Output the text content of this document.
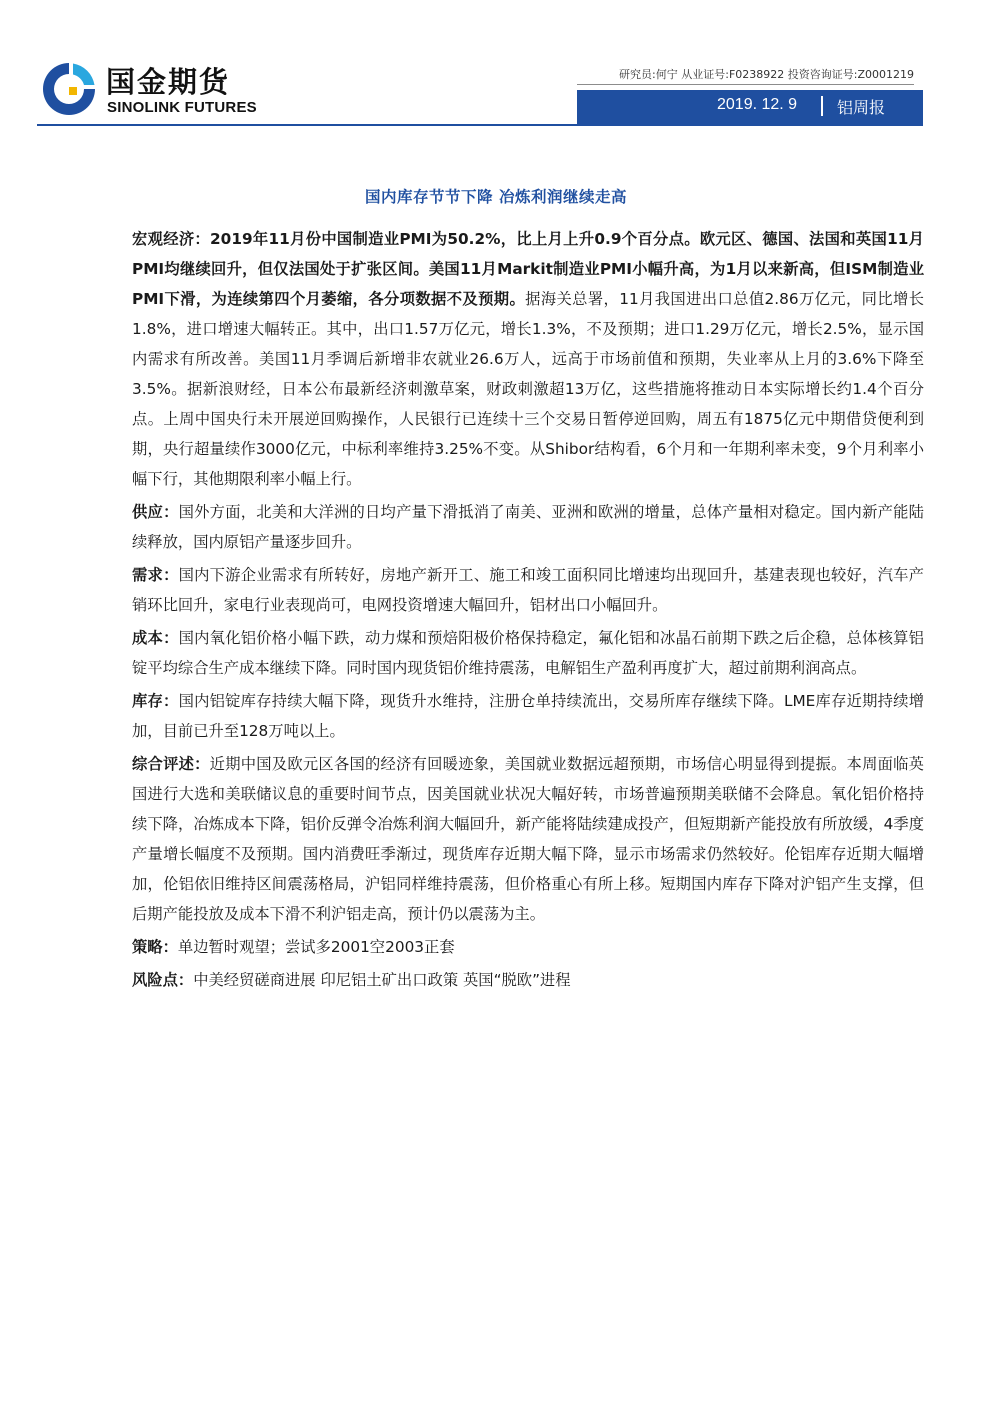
国金期货
SINOLINK FUTURES
研究员:何宁 从业证号:F0238922 投资咨询证号:Z0001219
2019. 12. 9 铝周报
国内库存节节下降 冶炼利润继续走高

宏观经济：2019年11月份中国制造业PMI为50.2%，比上月上升0.9个百分点。欧元区、德国、法国和英国11月PMI均继续回升，但仅法国处于扩张区间。美国11月Markit制造业PMI小幅升高，为1月以来新高，但ISM制造业PMI下滑，为连续第四个月萎缩，各分项数据不及预期。据海关总署，11月我国进出口总值2.86万亿元，同比增长1.8%，进口增速大幅转正。其中，出口1.57万亿元，增长1.3%，不及预期；进口1.29万亿元，增长2.5%，显示国内需求有所改善。美国11月季调后新增非农就业26.6万人，远高于市场前值和预期，失业率从上月的3.6%下降至3.5%。据新浪财经，日本公布最新经济刺激草案，财政刺激超13万亿，这些措施将推动日本实际增长约1.4个百分点。上周中国央行未开展逆回购操作，人民银行已连续十三个交易日暂停逆回购，周五有1875亿元中期借贷便利到期，央行超量续作3000亿元，中标利率维持3.25%不变。从Shibor结构看，6个月和一年期利率未变，9个月利率小幅下行，其他期限利率小幅上行。

供应：国外方面，北美和大洋洲的日均产量下滑抵消了南美、亚洲和欧洲的增量，总体产量相对稳定。国内新产能陆续释放，国内原铝产量逐步回升。

需求：国内下游企业需求有所转好，房地产新开工、施工和竣工面积同比增速均出现回升，基建表现也较好，汽车产销环比回升，家电行业表现尚可，电网投资增速大幅回升，铝材出口小幅回升。

成本：国内氧化铝价格小幅下跌，动力煤和预焙阳极价格保持稳定，氟化铝和冰晶石前期下跌之后企稳，总体核算铝锭平均综合生产成本继续下降。同时国内现货铝价维持震荡，电解铝生产盈利再度扩大，超过前期利润高点。

库存：国内铝锭库存持续大幅下降，现货升水维持，注册仓单持续流出，交易所库存继续下降。LME库存近期持续增加，目前已升至128万吨以上。

综合评述：近期中国及欧元区各国的经济有回暖迹象，美国就业数据远超预期，市场信心明显得到提振。本周面临英国进行大选和美联储议息的重要时间节点，因美国就业状况大幅好转，市场普遍预期美联储不会降息。氧化铝价格持续下降，冶炼成本下降，铝价反弹令冶炼利润大幅回升，新产能将陆续建成投产，但短期新产能投放有所放缓，4季度产量增长幅度不及预期。国内消费旺季渐过，现货库存近期大幅下降，显示市场需求仍然较好。伦铝库存近期大幅增加，伦铝依旧维持区间震荡格局，沪铝同样维持震荡，但价格重心有所上移。短期国内库存下降对沪铝产生支撑，但后期产能投放及成本下滑不利沪铝走高，预计仍以震荡为主。

策略：单边暂时观望；尝试多2001空2003正套

风险点：中美经贸磋商进展 印尼铝土矿出口政策 英国“脱欧”进程
